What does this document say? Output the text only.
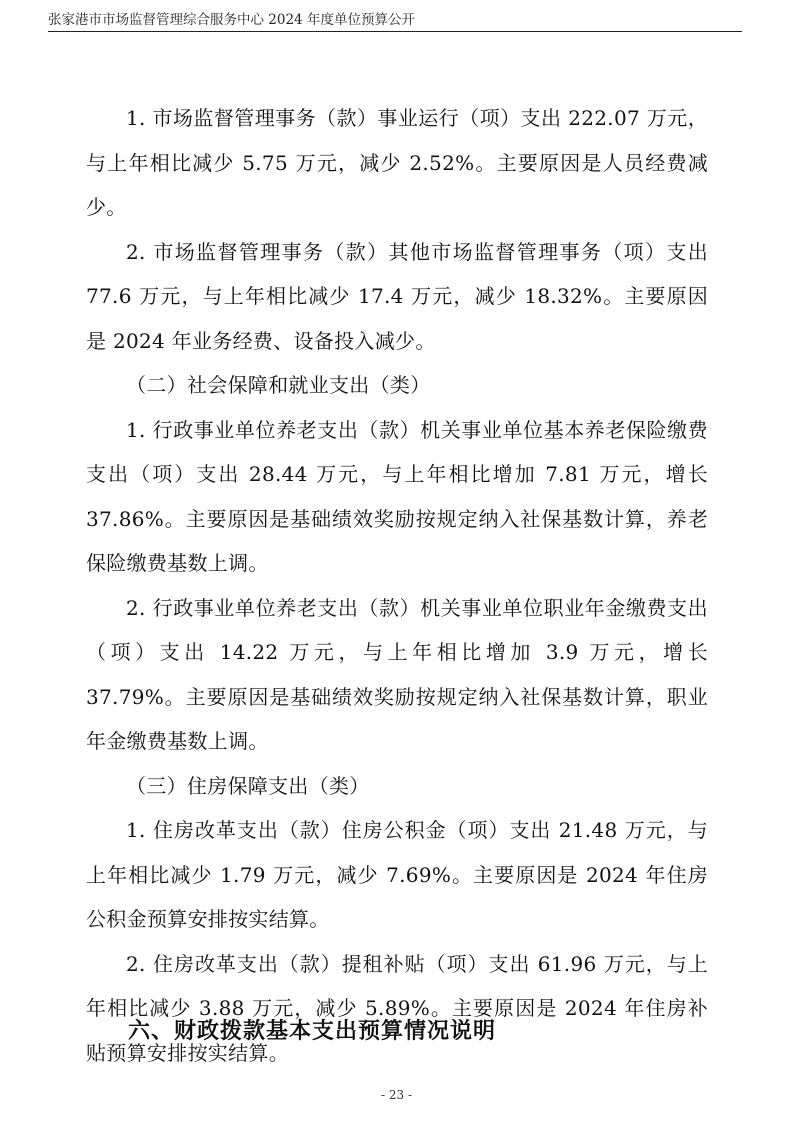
张家港市市场监督管理综合服务中心 2024 年度单位预算公开

1. 市场监督管理事务（款）事业运行（项）支出 222.07 万元，与上年相比减少 5.75 万元，减少 2.52%。主要原因是人员经费减少。

2. 市场监督管理事务（款）其他市场监督管理事务（项）支出 77.6 万元，与上年相比减少 17.4 万元，减少 18.32%。主要原因是 2024 年业务经费、设备投入减少。

（二）社会保障和就业支出（类）

1. 行政事业单位养老支出（款）机关事业单位基本养老保险缴费支出（项）支出 28.44 万元，与上年相比增加 7.81 万元，增长 37.86%。主要原因是基础绩效奖励按规定纳入社保基数计算，养老保险缴费基数上调。

2. 行政事业单位养老支出（款）机关事业单位职业年金缴费支出（项）支出 14.22 万元，与上年相比增加 3.9 万元，增长 37.79%。主要原因是基础绩效奖励按规定纳入社保基数计算，职业年金缴费基数上调。

（三）住房保障支出（类）

1. 住房改革支出（款）住房公积金（项）支出 21.48 万元，与上年相比减少 1.79 万元，减少 7.69%。主要原因是 2024 年住房公积金预算安排按实结算。

2. 住房改革支出（款）提租补贴（项）支出 61.96 万元，与上年相比减少 3.88 万元，减少 5.89%。主要原因是 2024 年住房补贴预算安排按实结算。

六、财政拨款基本支出预算情况说明
- 23 -
